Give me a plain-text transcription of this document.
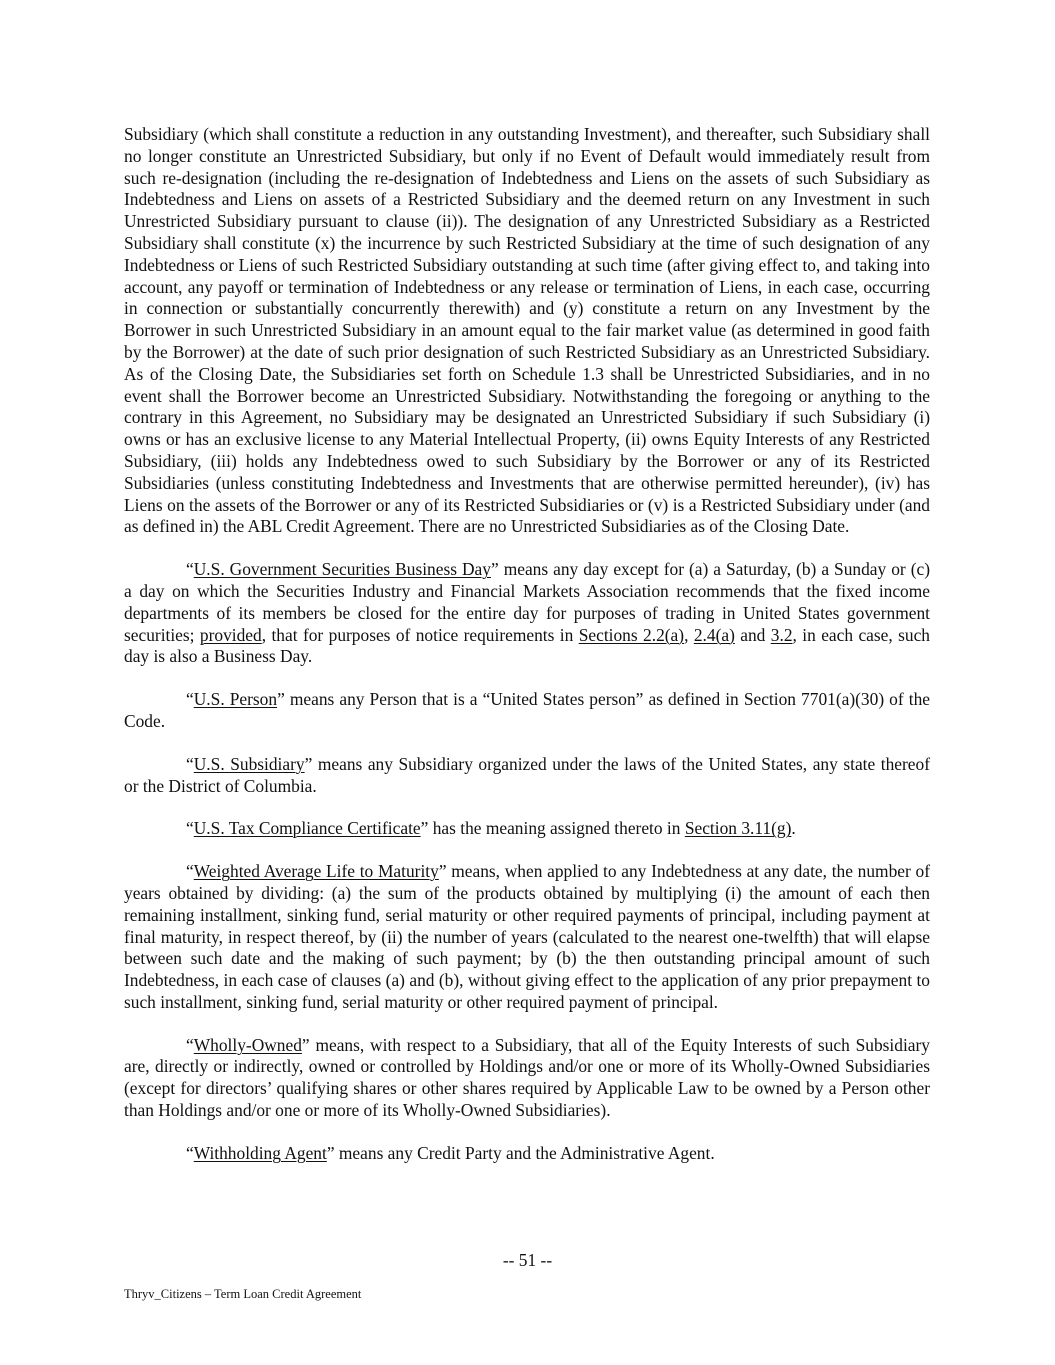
Subsidiary (which shall constitute a reduction in any outstanding Investment), and thereafter, such Subsidiary shall no longer constitute an Unrestricted Subsidiary, but only if no Event of Default would immediately result from such re-designation (including the re-designation of Indebtedness and Liens on the assets of such Subsidiary as Indebtedness and Liens on assets of a Restricted Subsidiary and the deemed return on any Investment in such Unrestricted Subsidiary pursuant to clause (ii)). The designation of any Unrestricted Subsidiary as a Restricted Subsidiary shall constitute (x) the incurrence by such Restricted Subsidiary at the time of such designation of any Indebtedness or Liens of such Restricted Subsidiary outstanding at such time (after giving effect to, and taking into account, any payoff or termination of Indebtedness or any release or termination of Liens, in each case, occurring in connection or substantially concurrently therewith) and (y) constitute a return on any Investment by the Borrower in such Unrestricted Subsidiary in an amount equal to the fair market value (as determined in good faith by the Borrower) at the date of such prior designation of such Restricted Subsidiary as an Unrestricted Subsidiary. As of the Closing Date, the Subsidiaries set forth on Schedule 1.3 shall be Unrestricted Subsidiaries, and in no event shall the Borrower become an Unrestricted Subsidiary. Notwithstanding the foregoing or anything to the contrary in this Agreement, no Subsidiary may be designated an Unrestricted Subsidiary if such Subsidiary (i) owns or has an exclusive license to any Material Intellectual Property, (ii) owns Equity Interests of any Restricted Subsidiary, (iii) holds any Indebtedness owed to such Subsidiary by the Borrower or any of its Restricted Subsidiaries (unless constituting Indebtedness and Investments that are otherwise permitted hereunder), (iv) has Liens on the assets of the Borrower or any of its Restricted Subsidiaries or (v) is a Restricted Subsidiary under (and as defined in) the ABL Credit Agreement. There are no Unrestricted Subsidiaries as of the Closing Date.

“U.S. Government Securities Business Day” means any day except for (a) a Saturday, (b) a Sunday or (c) a day on which the Securities Industry and Financial Markets Association recommends that the fixed income departments of its members be closed for the entire day for purposes of trading in United States government securities; provided, that for purposes of notice requirements in Sections 2.2(a), 2.4(a) and 3.2, in each case, such day is also a Business Day.

“U.S. Person” means any Person that is a “United States person” as defined in Section 7701(a)(30) of the Code.

“U.S. Subsidiary” means any Subsidiary organized under the laws of the United States, any state thereof or the District of Columbia.

“U.S. Tax Compliance Certificate” has the meaning assigned thereto in Section 3.11(g).

“Weighted Average Life to Maturity” means, when applied to any Indebtedness at any date, the number of years obtained by dividing: (a) the sum of the products obtained by multiplying (i) the amount of each then remaining installment, sinking fund, serial maturity or other required payments of principal, including payment at final maturity, in respect thereof, by (ii) the number of years (calculated to the nearest one-twelfth) that will elapse between such date and the making of such payment; by (b) the then outstanding principal amount of such Indebtedness, in each case of clauses (a) and (b), without giving effect to the application of any prior prepayment to such installment, sinking fund, serial maturity or other required payment of principal.

“Wholly-Owned” means, with respect to a Subsidiary, that all of the Equity Interests of such Subsidiary are, directly or indirectly, owned or controlled by Holdings and/or one or more of its Wholly-Owned Subsidiaries (except for directors’ qualifying shares or other shares required by Applicable Law to be owned by a Person other than Holdings and/or one or more of its Wholly-Owned Subsidiaries).

“Withholding Agent” means any Credit Party and the Administrative Agent.

-- 51 --
Thryv_Citizens – Term Loan Credit Agreement
